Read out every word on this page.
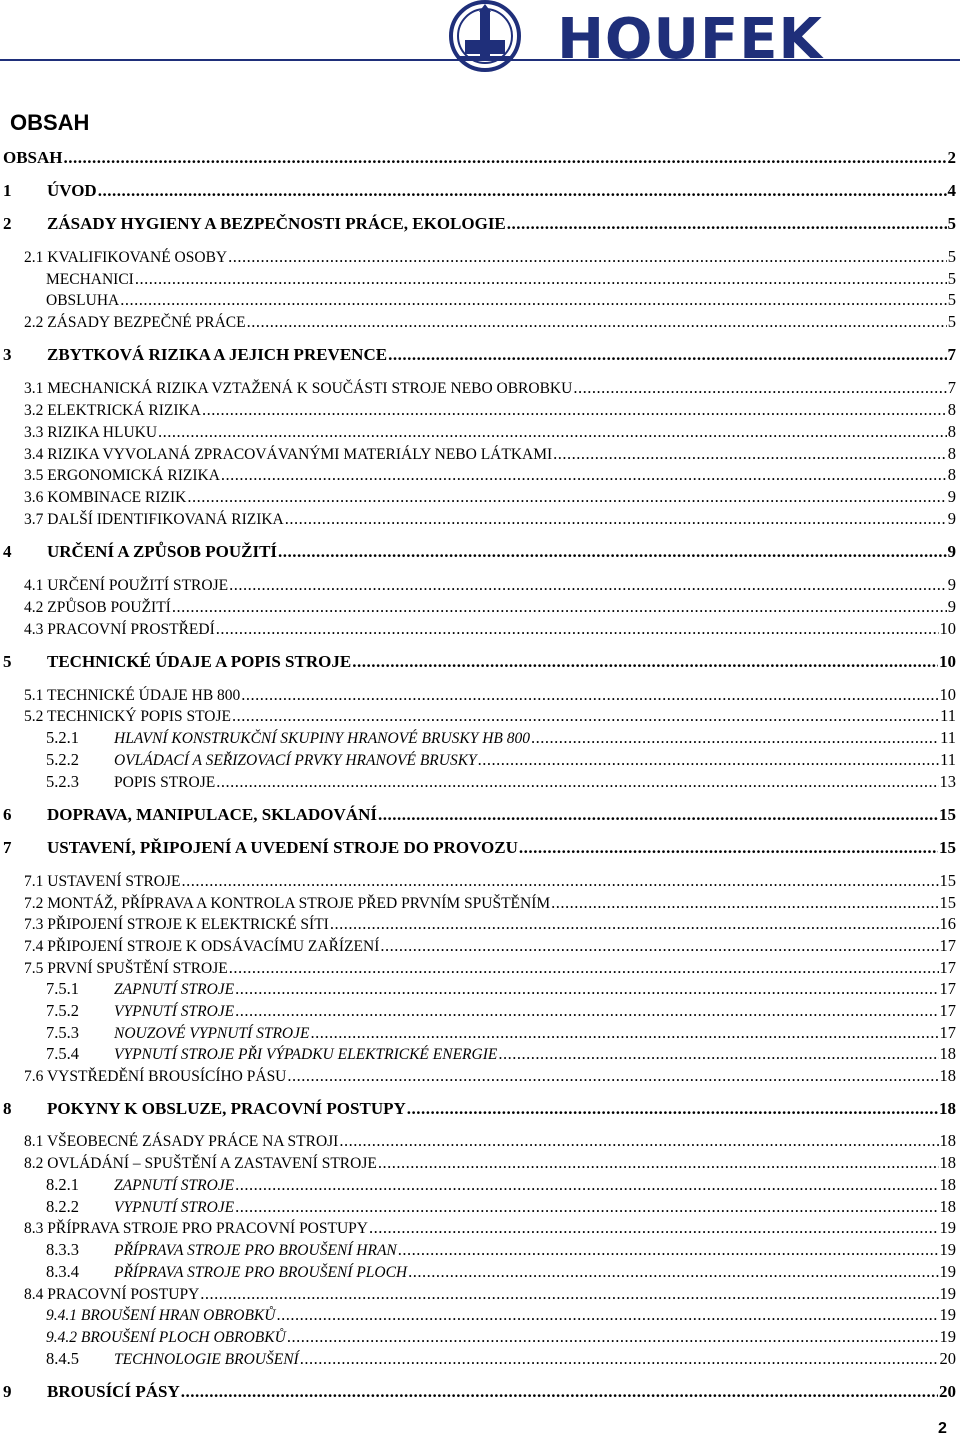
HOUFEK
OBSAH
OBSAH .....	2
1	ÚVOD .....	4
2	ZÁSADY HYGIENY A BEZPEČNOSTI PRÁCE, EKOLOGIE .....	5
2.1 KVALIFIKOVANÉ OSOBY .....	5
MECHANICI .....	5
OBSLUHA .....	5
2.2 ZÁSADY BEZPEČNÉ PRÁCE .....	5
3	ZBYTKOVÁ RIZIKA A JEJICH PREVENCE .....	7
3.1 MECHANICKÁ RIZIKA VZTAŽENÁ K SOUČÁSTI STROJE NEBO OBROBKU .....	7
3.2 ELEKTRICKÁ RIZIKA .....	8
3.3 RIZIKA HLUKU .....	8
3.4 RIZIKA VYVOLANÁ ZPRACOVÁVANÝMI MATERIÁLY NEBO LÁTKAMI .....	8
3.5 ERGONOMICKÁ RIZIKA .....	8
3.6 KOMBINACE RIZIK .....	9
3.7 DALŠÍ IDENTIFIKOVANÁ RIZIKA .....	9
4	URČENÍ A ZPŮSOB POUŽITÍ .....	9
4.1 URČENÍ POUŽITÍ STROJE .....	9
4.2 ZPŮSOB POUŽITÍ .....	9
4.3 PRACOVNÍ PROSTŘEDÍ .....	10
5	TECHNICKÉ ÚDAJE A POPIS STROJE .....	10
5.1 TECHNICKÉ ÚDAJE HB 800 .....	10
5.2 TECHNICKÝ POPIS STOJE .....	11
5.2.1	HLAVNÍ KONSTRUKČNÍ SKUPINY HRANOVÉ BRUSKY HB 800 .....	11
5.2.2	OVLÁDACÍ A SEŘIZOVACÍ PRVKY HRANOVÉ BRUSKY .....	11
5.2.3	POPIS STROJE .....	13
6	DOPRAVA, MANIPULACE, SKLADOVÁNÍ .....	15
7	USTAVENÍ, PŘIPOJENÍ A UVEDENÍ STROJE DO PROVOZU .....	15
7.1 USTAVENÍ STROJE .....	15
7.2 MONTÁŽ, PŘÍPRAVA A KONTROLA STROJE PŘED PRVNÍM SPUŠTĚNÍM .....	15
7.3 PŘIPOJENÍ STROJE K ELEKTRICKÉ SÍTI .....	16
7.4 PŘIPOJENÍ STROJE K ODSÁVACÍMU ZAŘÍZENÍ .....	17
7.5 PRVNÍ SPUŠTĚNÍ STROJE .....	17
7.5.1	ZAPNUTÍ STROJE .....	17
7.5.2	VYPNUTÍ STROJE .....	17
7.5.3	NOUZOVÉ VYPNUTÍ STROJE .....	17
7.5.4	VYPNUTÍ STROJE PŘI VÝPADKU ELEKTRICKÉ ENERGIE .....	18
7.6 VYSTŘEDĚNÍ BROUSÍCÍHO PÁSU .....	18
8	POKYNY K OBSLUZE, PRACOVNÍ POSTUPY .....	18
8.1 VŠEOBECNÉ ZÁSADY PRÁCE NA STROJI .....	18
8.2 OVLÁDÁNÍ – SPUŠTĚNÍ A ZASTAVENÍ STROJE .....	18
8.2.1	ZAPNUTÍ STROJE .....	18
8.2.2	VYPNUTÍ STROJE .....	18
8.3 PŘÍPRAVA STROJE PRO PRACOVNÍ POSTUPY .....	19
8.3.3	PŘÍPRAVA STROJE PRO BROUŠENÍ HRAN .....	19
8.3.4	PŘÍPRAVA STROJE PRO BROUŠENÍ PLOCH .....	19
8.4 PRACOVNÍ POSTUPY .....	19
9.4.1 BROUŠENÍ HRAN OBROBKŮ .....	19
9.4.2 BROUŠENÍ PLOCH OBROBKŮ .....	19
8.4.5	TECHNOLOGIE BROUŠENÍ .....	20
9	BROUSÍCÍ PÁSY .....	20
2
